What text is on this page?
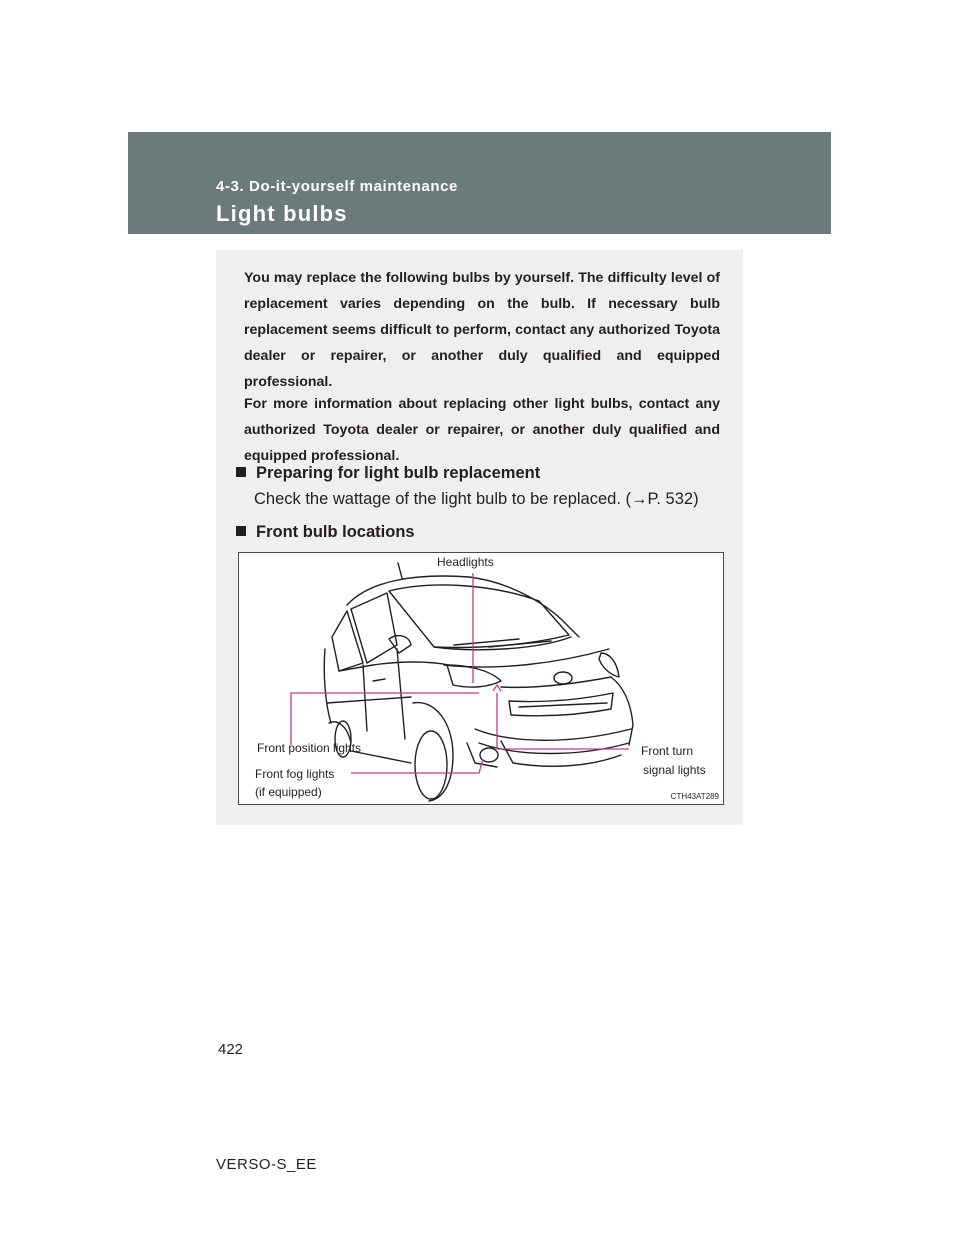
4-3. Do-it-yourself maintenance
Light bulbs
You may replace the following bulbs by yourself. The difficulty level of replacement varies depending on the bulb. If necessary bulb replacement seems difficult to perform, contact any authorized Toyota dealer or repairer, or another duly qualified and equipped professional.
For more information about replacing other light bulbs, contact any authorized Toyota dealer or repairer, or another duly qualified and equipped professional.
Preparing for light bulb replacement
Check the wattage of the light bulb to be replaced. (→P. 532)
Front bulb locations
Headlights
Front position lights
Front fog lights
(if equipped)
Front turn
signal lights
CTH43AT289
422
VERSO-S_EE
